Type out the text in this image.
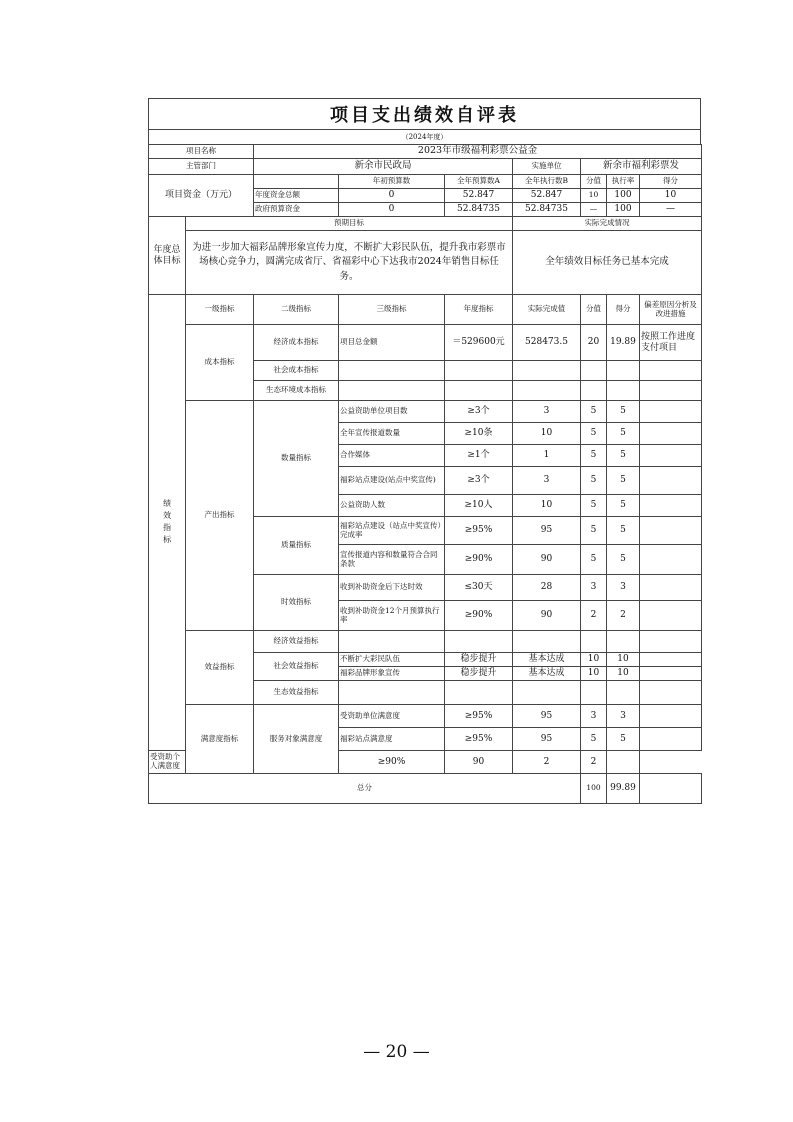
项目支出绩效自评表
（2024年度）
项目名称		2023年市级福利彩票公益金						
主管部门		新余市民政局			实施单位	新余市福利彩票发		
项目资金（万元）			年初预算数	全年预算数A	全年执行数B	分值	执行率	得分
		年度资金总额	0	52.847	52.847	10	100	10
		政府预算资金	0	52.84735	52.84735	—	100	—
年度总体目标	预期目标				实际完成情况			
	为进一步加大福彩品牌形象宣传力度，不断扩大彩民队伍，提升我市彩票市场核心竞争力，圆满完成省厅、省福彩中心下达我市2024年销售目标任务。				全年绩效目标任务已基本完成			
绩效指标	一级指标	二级指标	三级指标	年度指标	实际完成值	分值	得分	偏差原因分析及改进措施
	成本指标	经济成本指标	项目总金额	＝529600元	528473.5	20	19.89	按照工作进度支付项目
		社会成本指标						
		生态环境成本指标						
	产出指标	数量指标	公益资助单位项目数	≥3个	3	5	5	
			全年宣传报道数量	≥10条	10	5	5	
			合作媒体	≥1个	1	5	5	
			福彩站点建设(站点中奖宣传)	≥3个	3	5	5	
			公益资助人数	≥10人	10	5	5	
		质量指标	福彩站点建设（站点中奖宣传）完成率	≥95%	95	5	5	
			宣传报道内容和数量符合合同条款	≥90%	90	5	5	
		时效指标	收到补助资金后下达时效	≤30天	28	3	3	
			收到补助资金12个月预算执行率	≥90%	90	2	2	
	效益指标	经济效益指标						
		社会效益指标	不断扩大彩民队伍	稳步提升	基本达成	10	10	
			福彩品牌形象宣传	稳步提升	基本达成	10	10	
		生态效益指标						
	满意度指标	服务对象满意度	受资助单位满意度	≥95%	95	3	3	
			福彩站点满意度	≥95%	95	5	5	
受资助个人满意度			≥90%	90	2	2		
总分						100	99.89	
— 20 —
